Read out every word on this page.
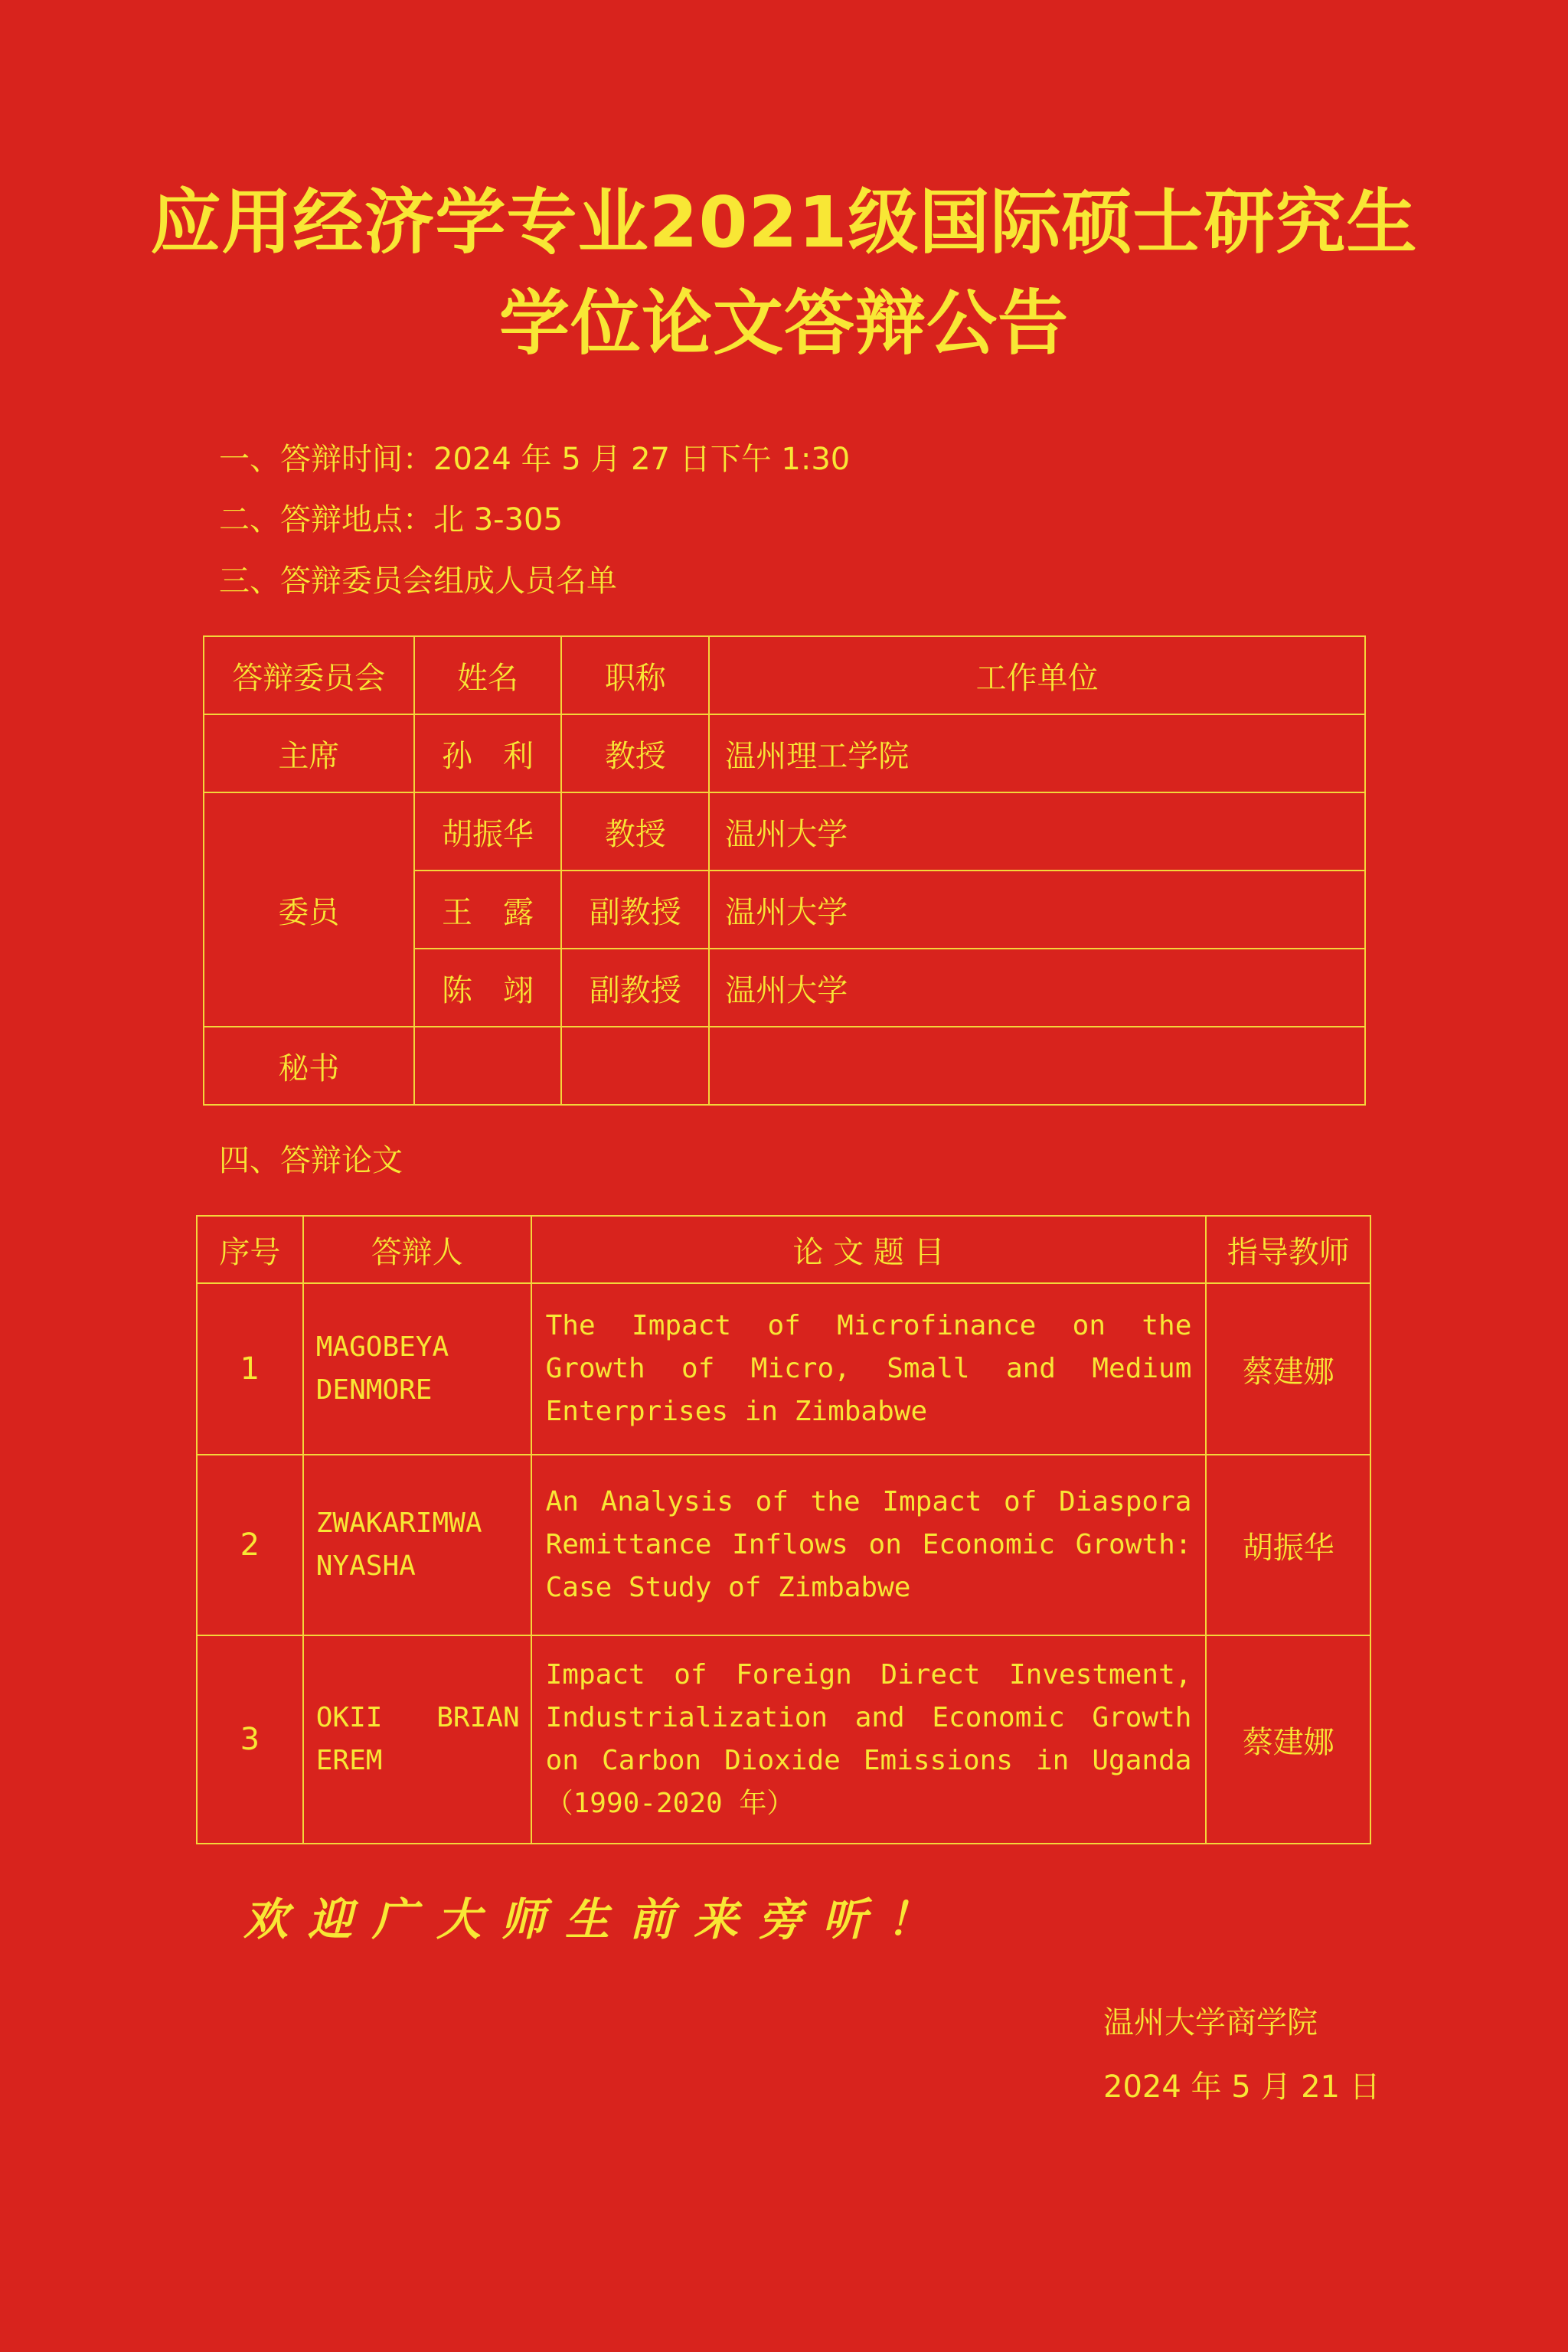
应用经济学专业2021级国际硕士研究生
学位论文答辩公告
一、答辩时间：2024 年 5 月 27 日下午 1:30
二、答辩地点：北 3-305
三、答辩委员会组成人员名单
答辩委员会	姓名	职称	工作单位
主席	孙　利	教授	温州理工学院
委员	胡振华	教授	温州大学
	王　露	副教授	温州大学
	陈　翊	副教授	温州大学
秘书			
四、答辩论文
序号	答辩人	论 文 题 目	指导教师
1	MAGOBEYA DENMORE	The Impact of Microfinance on the Growth of Micro, Small and Medium Enterprises in Zimbabwe	蔡建娜
2	ZWAKARIMWA NYASHA	An Analysis of the Impact of Diaspora Remittance Inflows on Economic Growth: Case Study of Zimbabwe	胡振华
3	OKII BRIAN EREM	Impact of Foreign Direct Investment, Industrialization and Economic Growth on Carbon Dioxide Emissions in Uganda（1990-2020 年）	蔡建娜
欢迎广大师生前来旁听！
温州大学商学院
2024 年 5 月 21 日
